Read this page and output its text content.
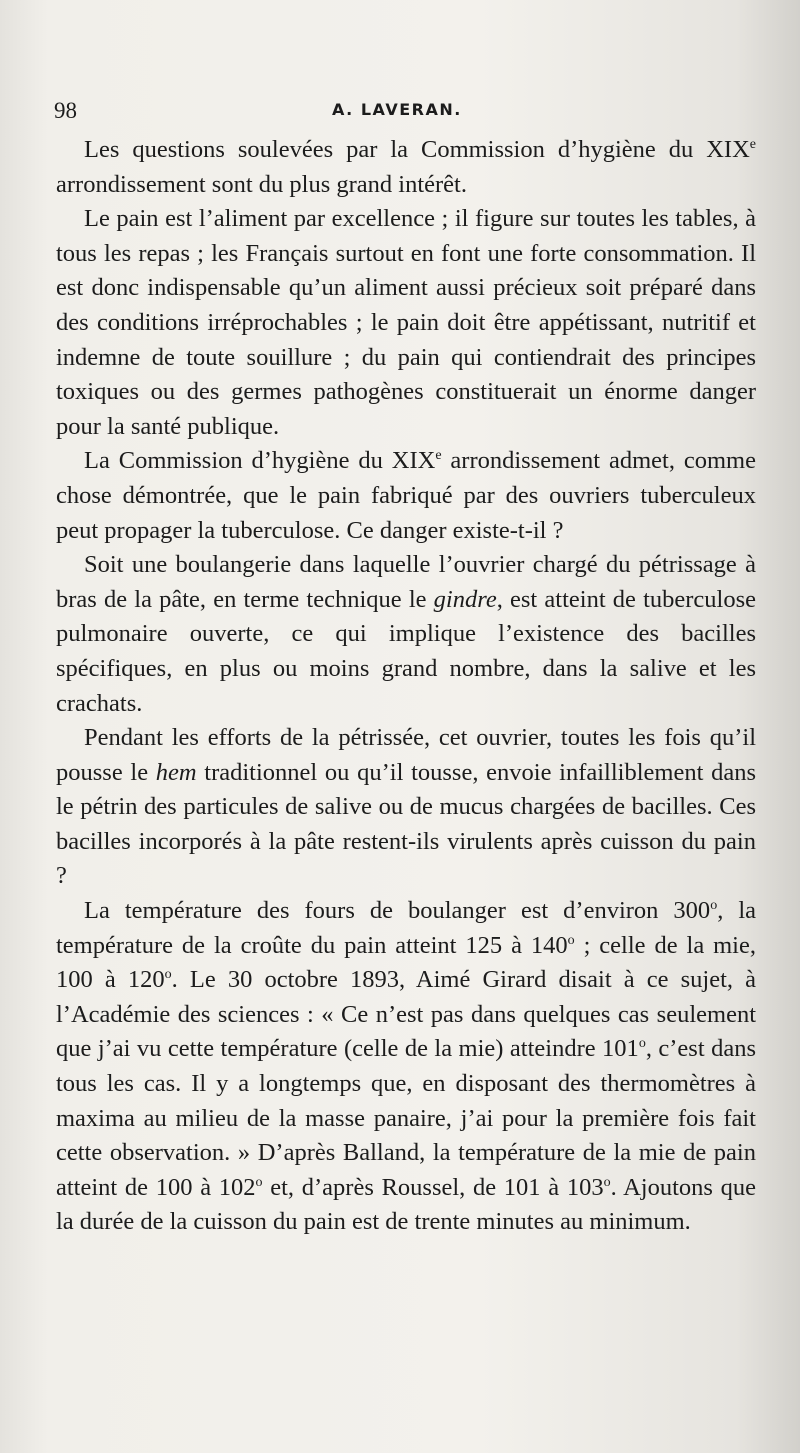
98	A. LAVERAN.

Les questions soulevées par la Commission d’hygiène du XIXe arrondissement sont du plus grand intérêt.

Le pain est l’aliment par excellence ; il figure sur toutes les tables, à tous les repas ; les Français surtout en font une forte consommation. Il est donc indispensable qu’un aliment aussi précieux soit préparé dans des conditions irréprochables ; le pain doit être appétissant, nutritif et indemne de toute souillure ; du pain qui contiendrait des principes toxiques ou des germes pathogènes constituerait un énorme danger pour la santé publique.

La Commission d’hygiène du XIXe arrondissement admet, comme chose démontrée, que le pain fabriqué par des ouvriers tuberculeux peut propager la tuberculose. Ce danger existe-t-il ?

Soit une boulangerie dans laquelle l’ouvrier chargé du pétrissage à bras de la pâte, en terme technique le gindre, est atteint de tuberculose pulmonaire ouverte, ce qui implique l’existence des bacilles spécifiques, en plus ou moins grand nombre, dans la salive et les crachats.

Pendant les efforts de la pétrissée, cet ouvrier, toutes les fois qu’il pousse le hem traditionnel ou qu’il tousse, envoie infailliblement dans le pétrin des particules de salive ou de mucus chargées de bacilles. Ces bacilles incorporés à la pâte restent-ils virulents après cuisson du pain ?

La température des fours de boulanger est d’environ 300$^o$, la température de la croûte du pain atteint 125 à 140$^o$ ; celle de la mie, 100 à 120$^o$. Le 30 octobre 1893, Aimé Girard disait à ce sujet, à l’Académie des sciences : « Ce n’est pas dans quelques cas seulement que j’ai vu cette température (celle de la mie) atteindre 101$^o$, c’est dans tous les cas. Il y a longtemps que, en disposant des thermomètres à maxima au milieu de la masse panaire, j’ai pour la première fois fait cette observation. » D’après Balland, la température de la mie de pain atteint de 100 à 102$^o$ et, d’après Roussel, de 101 à 103$^o$. Ajoutons que la durée de la cuisson du pain est de trente minutes au minimum.
